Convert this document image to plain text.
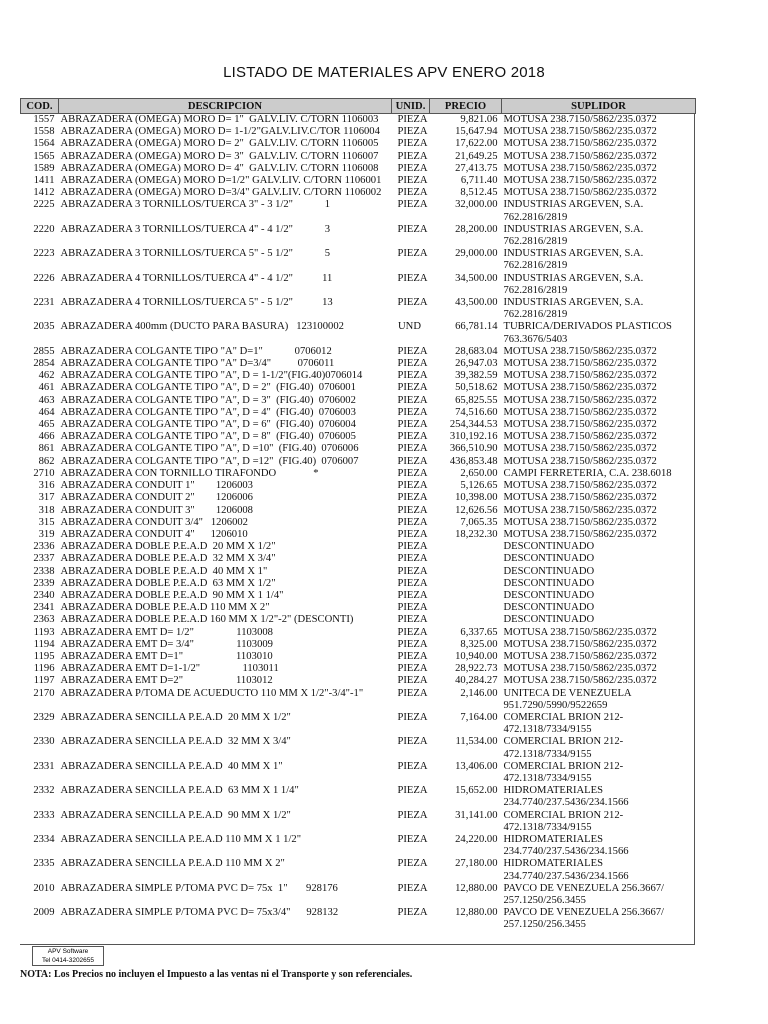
LISTADO DE MATERIALES APV ENERO 2018
COD.	DESCRIPCION	UNID.	PRECIO	SUPLIDOR
1557	ABRAZADERA (OMEGA) MORO D= 1"  GALV.LIV. C/TORN 1106003	PIEZA	9,821.06	MOTUSA 238.7150/5862/235.0372
1558	ABRAZADERA (OMEGA) MORO D= 1-1/2"GALV.LIV.C/TOR 1106004	PIEZA	15,647.94	MOTUSA 238.7150/5862/235.0372
1564	ABRAZADERA (OMEGA) MORO D= 2"  GALV.LIV. C/TORN 1106005	PIEZA	17,622.00	MOTUSA 238.7150/5862/235.0372
1565	ABRAZADERA (OMEGA) MORO D= 3"  GALV.LIV. C/TORN 1106007	PIEZA	21,649.25	MOTUSA 238.7150/5862/235.0372
1589	ABRAZADERA (OMEGA) MORO D= 4"  GALV.LIV. C/TORN 1106008	PIEZA	27,413.75	MOTUSA 238.7150/5862/235.0372
1411	ABRAZADERA (OMEGA) MORO D=1/2" GALV.LIV. C/TORN 1106001	PIEZA	6,711.40	MOTUSA 238.7150/5862/235.0372
1412	ABRAZADERA (OMEGA) MORO D=3/4" GALV.LIV. C/TORN 1106002	PIEZA	8,512.45	MOTUSA 238.7150/5862/235.0372
2225	ABRAZADERA 3 TORNILLOS/TUERCA 3" - 3 1/2"            1	PIEZA	32,000.00	INDUSTRIAS ARGEVEN, S.A. 762.2816/2819
2220	ABRAZADERA 3 TORNILLOS/TUERCA 4" - 4 1/2"            3	PIEZA	28,200.00	INDUSTRIAS ARGEVEN, S.A. 762.2816/2819
2223	ABRAZADERA 3 TORNILLOS/TUERCA 5" - 5 1/2"            5	PIEZA	29,000.00	INDUSTRIAS ARGEVEN, S.A. 762.2816/2819
2226	ABRAZADERA 4 TORNILLOS/TUERCA 4" - 4 1/2"           11	PIEZA	34,500.00	INDUSTRIAS ARGEVEN, S.A. 762.2816/2819
2231	ABRAZADERA 4 TORNILLOS/TUERCA 5" - 5 1/2"           13	PIEZA	43,500.00	INDUSTRIAS ARGEVEN, S.A. 762.2816/2819
2035	ABRAZADERA 400mm (DUCTO PARA BASURA)   123100002	UND	66,781.14	TUBRICA/DERIVADOS PLASTICOS 763.3676/5403
2855	ABRAZADERA COLGANTE TIPO "A" D=1"            0706012	PIEZA	28,683.04	MOTUSA 238.7150/5862/235.0372
2854	ABRAZADERA COLGANTE TIPO "A" D=3/4"          0706011	PIEZA	26,947.03	MOTUSA 238.7150/5862/235.0372
462	ABRAZADERA COLGANTE TIPO "A", D = 1-1/2"(FIG.40)0706014	PIEZA	39,382.59	MOTUSA 238.7150/5862/235.0372
461	ABRAZADERA COLGANTE TIPO "A", D = 2"  (FIG.40)  0706001	PIEZA	50,518.62	MOTUSA 238.7150/5862/235.0372
463	ABRAZADERA COLGANTE TIPO "A", D = 3"  (FIG.40)  0706002	PIEZA	65,825.55	MOTUSA 238.7150/5862/235.0372
464	ABRAZADERA COLGANTE TIPO "A", D = 4"  (FIG.40)  0706003	PIEZA	74,516.60	MOTUSA 238.7150/5862/235.0372
465	ABRAZADERA COLGANTE TIPO "A", D = 6"  (FIG.40)  0706004	PIEZA	254,344.53	MOTUSA 238.7150/5862/235.0372
466	ABRAZADERA COLGANTE TIPO "A", D = 8"  (FIG.40)  0706005	PIEZA	310,192.16	MOTUSA 238.7150/5862/235.0372
861	ABRAZADERA COLGANTE TIPO "A", D =10"  (FIG.40)  0706006	PIEZA	366,510.90	MOTUSA 238.7150/5862/235.0372
862	ABRAZADERA COLGANTE TIPO "A", D =12"  (FIG.40)  0706007	PIEZA	436,853.48	MOTUSA 238.7150/5862/235.0372
2710	ABRAZADERA CON TORNILLO TIRAFONDO              *	PIEZA	2,650.00	CAMPI FERRETERIA, C.A. 238.6018
316	ABRAZADERA CONDUIT 1"        1206003	PIEZA	5,126.65	MOTUSA 238.7150/5862/235.0372
317	ABRAZADERA CONDUIT 2"        1206006	PIEZA	10,398.00	MOTUSA 238.7150/5862/235.0372
318	ABRAZADERA CONDUIT 3"        1206008	PIEZA	12,626.56	MOTUSA 238.7150/5862/235.0372
315	ABRAZADERA CONDUIT 3/4"   1206002	PIEZA	7,065.35	MOTUSA 238.7150/5862/235.0372
319	ABRAZADERA CONDUIT 4"      1206010	PIEZA	18,232.30	MOTUSA 238.7150/5862/235.0372
2336	ABRAZADERA DOBLE P.E.A.D  20 MM X 1/2"	PIEZA		DESCONTINUADO
2337	ABRAZADERA DOBLE P.E.A.D  32 MM X 3/4"	PIEZA		DESCONTINUADO
2338	ABRAZADERA DOBLE P.E.A.D  40 MM X 1"	PIEZA		DESCONTINUADO
2339	ABRAZADERA DOBLE P.E.A.D  63 MM X 1/2"	PIEZA		DESCONTINUADO
2340	ABRAZADERA DOBLE P.E.A.D  90 MM X 1 1/4"	PIEZA		DESCONTINUADO
2341	ABRAZADERA DOBLE P.E.A.D 110 MM X 2"	PIEZA		DESCONTINUADO
2363	ABRAZADERA DOBLE P.E.A.D 160 MM X 1/2"-2" (DESCONTI)	PIEZA		DESCONTINUADO
1193	ABRAZADERA EMT D= 1/2"                1103008	PIEZA	6,337.65	MOTUSA 238.7150/5862/235.0372
1194	ABRAZADERA EMT D= 3/4"                1103009	PIEZA	8,325.00	MOTUSA 238.7150/5862/235.0372
1195	ABRAZADERA EMT D=1"                    1103010	PIEZA	10,940.00	MOTUSA 238.7150/5862/235.0372
1196	ABRAZADERA EMT D=1-1/2"                1103011	PIEZA	28,922.73	MOTUSA 238.7150/5862/235.0372
1197	ABRAZADERA EMT D=2"                    1103012	PIEZA	40,284.27	MOTUSA 238.7150/5862/235.0372
2170	ABRAZADERA P/TOMA DE ACUEDUCTO 110 MM X 1/2"-3/4"-1"	PIEZA	2,146.00	UNITECA DE VENEZUELA 951.7290/5990/9522659
2329	ABRAZADERA SENCILLA P.E.A.D  20 MM X 1/2"	PIEZA	7,164.00	COMERCIAL BRION 212-472.1318/7334/9155
2330	ABRAZADERA SENCILLA P.E.A.D  32 MM X 3/4"	PIEZA	11,534.00	COMERCIAL BRION 212-472.1318/7334/9155
2331	ABRAZADERA SENCILLA P.E.A.D  40 MM X 1"	PIEZA	13,406.00	COMERCIAL BRION 212-472.1318/7334/9155
2332	ABRAZADERA SENCILLA P.E.A.D  63 MM X 1 1/4"	PIEZA	15,652.00	HIDROMATERIALES 234.7740/237.5436/234.1566
2333	ABRAZADERA SENCILLA P.E.A.D  90 MM X 1/2"	PIEZA	31,141.00	COMERCIAL BRION 212-472.1318/7334/9155
2334	ABRAZADERA SENCILLA P.E.A.D 110 MM X 1 1/2"	PIEZA	24,220.00	HIDROMATERIALES 234.7740/237.5436/234.1566
2335	ABRAZADERA SENCILLA P.E.A.D 110 MM X 2"	PIEZA	27,180.00	HIDROMATERIALES 234.7740/237.5436/234.1566
2010	ABRAZADERA SIMPLE P/TOMA PVC D= 75x  1"       928176	PIEZA	12,880.00	PAVCO DE VENEZUELA 256.3667/ 257.1250/256.3455
2009	ABRAZADERA SIMPLE P/TOMA PVC D= 75x3/4"      928132	PIEZA	12,880.00	PAVCO DE VENEZUELA 256.3667/ 257.1250/256.3455
APV Software
Tel 0414-3202655
NOTA: Los Precios no incluyen el Impuesto a las ventas ni el Transporte y son referenciales.
